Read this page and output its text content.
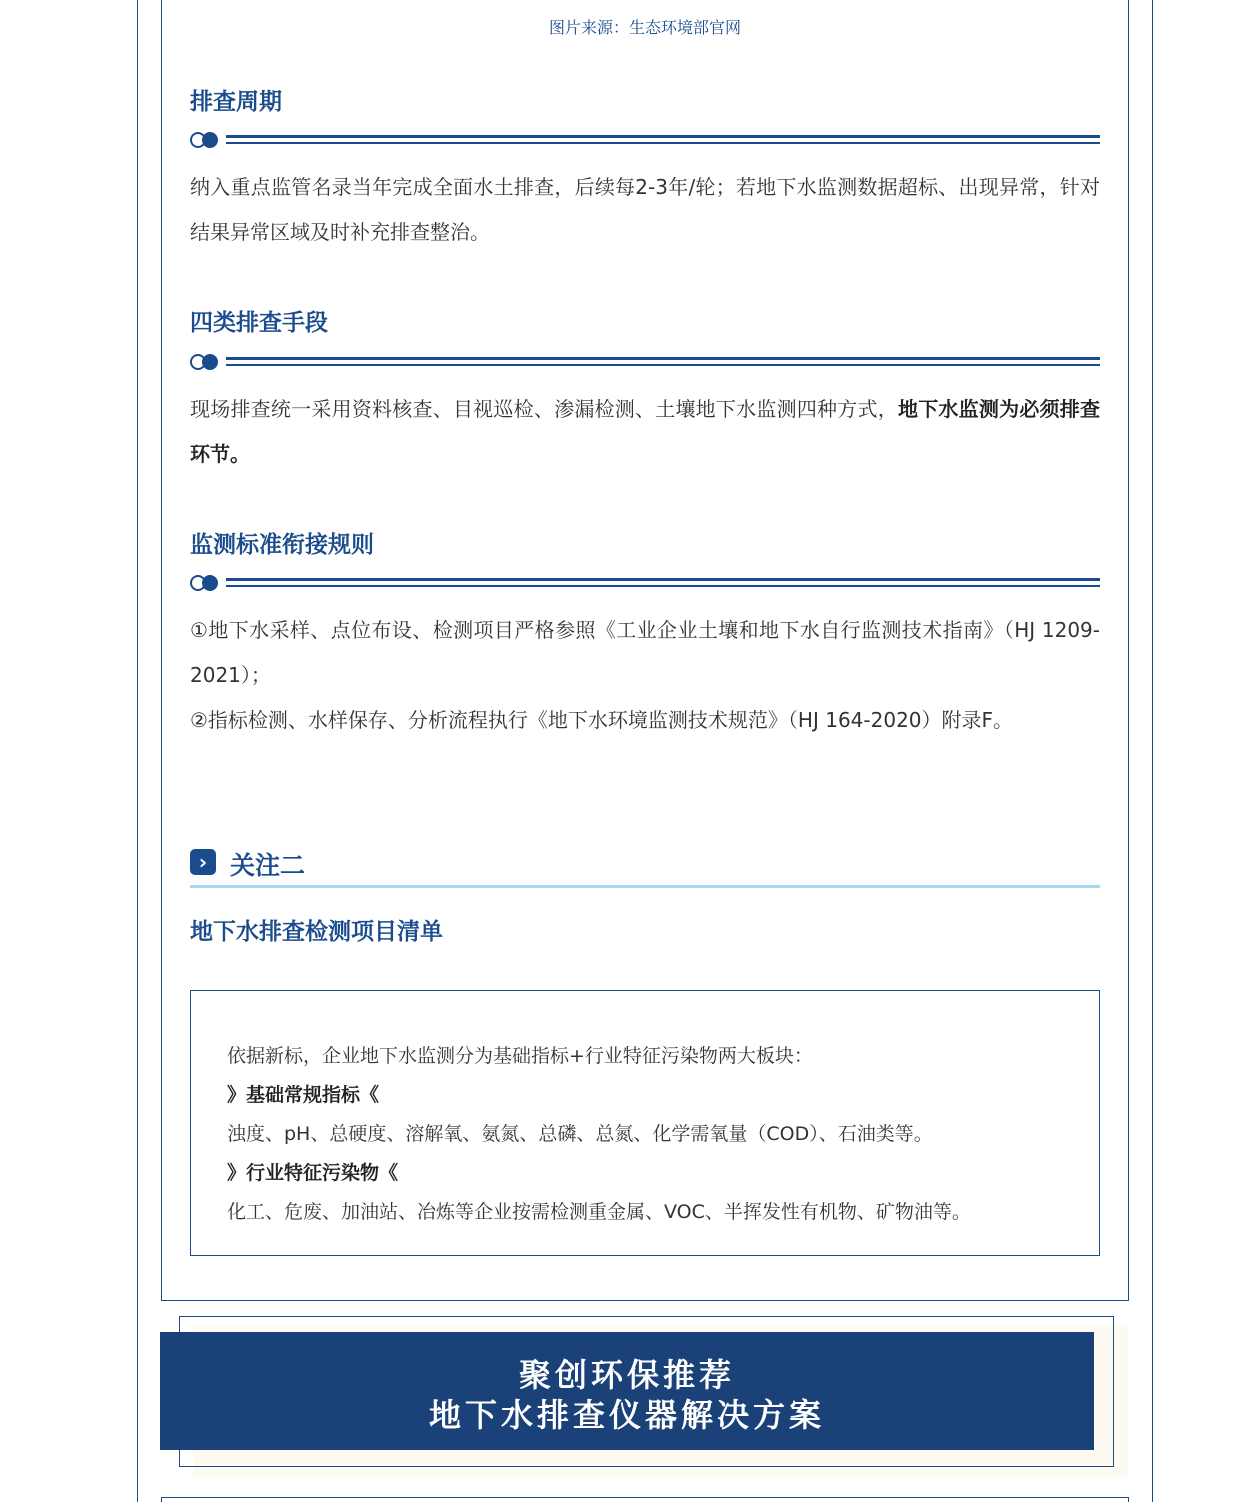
图片来源：生态环境部官网
排查周期
纳入重点监管名录当年完成全面水土排查，后续每2-3年/轮；若地下水监测数据超标、出现异常，针对结果异常区域及时补充排查整治。
四类排查手段
现场排查统一采用资料核查、目视巡检、渗漏检测、土壤地下水监测四种方式，地下水监测为必须排查环节。
监测标准衔接规则
①地下水采样、点位布设、检测项目严格参照《工业企业土壤和地下水自行监测技术指南》（HJ 1209-2021）；
②指标检测、水样保存、分析流程执行《地下水环境监测技术规范》（HJ 164-2020）附录F。
› 关注二
地下水排查检测项目清单
依据新标，企业地下水监测分为基础指标+行业特征污染物两大板块：
》基础常规指标《
浊度、pH、总硬度、溶解氧、氨氮、总磷、总氮、化学需氧量（COD）、石油类等。
》行业特征污染物《
化工、危废、加油站、冶炼等企业按需检测重金属、VOC、半挥发性有机物、矿物油等。
聚创环保推荐
地下水排查仪器解决方案
